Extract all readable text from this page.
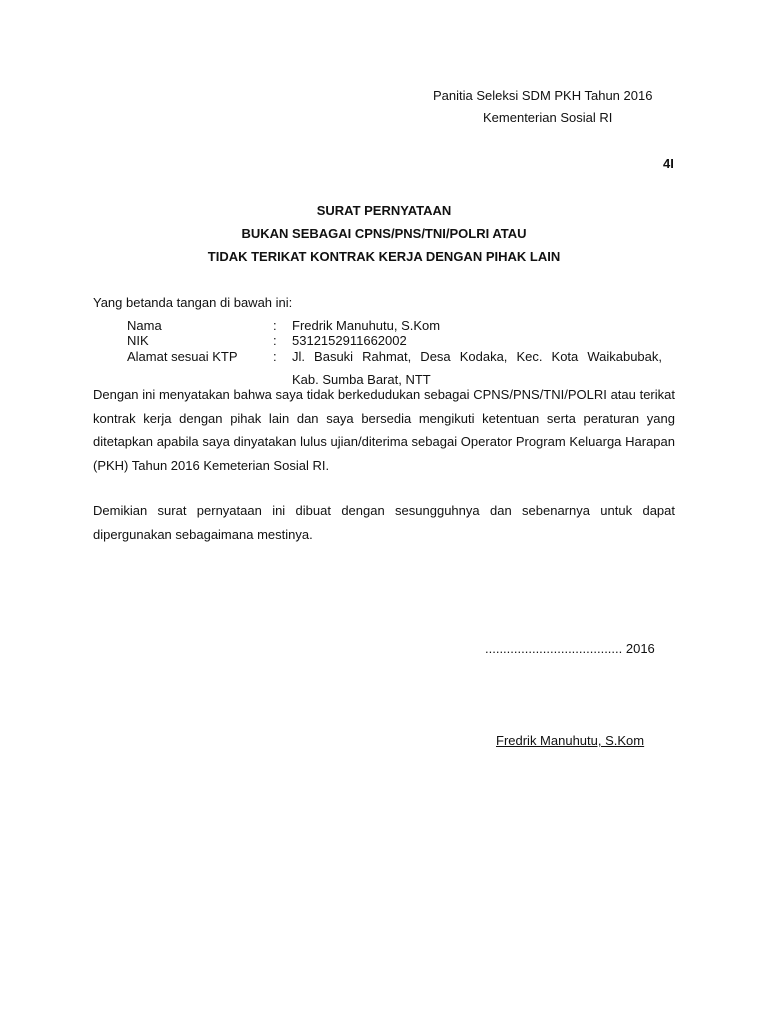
Panitia Seleksi SDM PKH Tahun 2016
Kementerian Sosial RI
4I
SURAT PERNYATAAN
BUKAN SEBAGAI CPNS/PNS/TNI/POLRI ATAU
TIDAK TERIKAT KONTRAK KERJA DENGAN PIHAK LAIN
Yang betanda tangan di bawah ini:
Nama	: Fredrik Manuhutu, S.Kom
NIK	: 5312152911662002
Alamat sesuai KTP	: Jl. Basuki Rahmat, Desa Kodaka, Kec. Kota Waikabubak,
Kab. Sumba Barat, NTT

Dengan ini menyatakan bahwa saya tidak berkedudukan sebagai CPNS/PNS/TNI/POLRI atau terikat kontrak kerja dengan pihak lain dan saya bersedia mengikuti ketentuan serta peraturan yang ditetapkan apabila saya dinyatakan lulus ujian/diterima sebagai Operator Program Keluarga Harapan (PKH) Tahun 2016 Kemeterian Sosial RI.

Demikian surat pernyataan ini dibuat dengan sesungguhnya dan sebenarnya untuk dapat dipergunakan sebagaimana mestinya.

...................................... 2016
Fredrik Manuhutu, S.Kom
